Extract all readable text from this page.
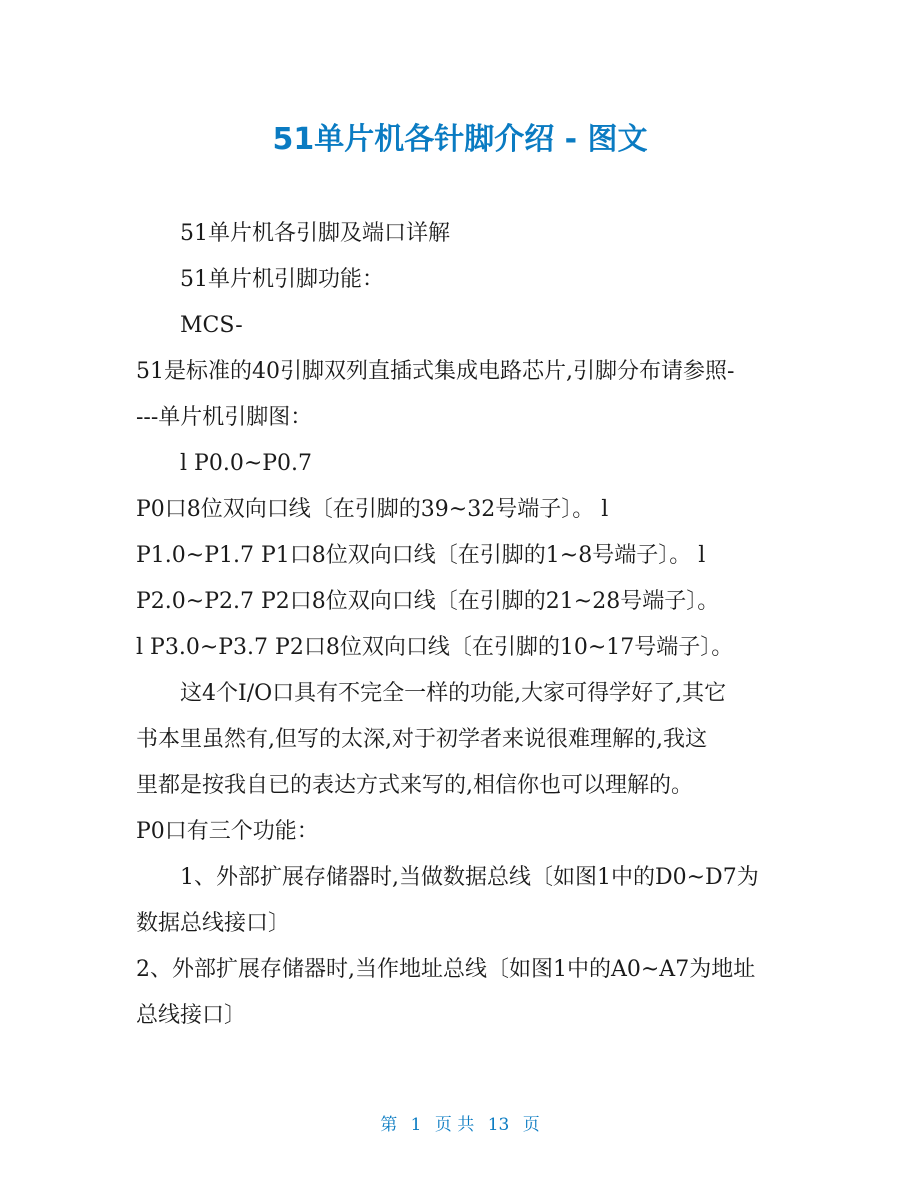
51单片机各针脚介绍 - 图文

51单片机各引脚及端口详解

51单片机引脚功能：

MCS-

51是标准的40引脚双列直插式集成电路芯片,引脚分布请参照-

---单片机引脚图：

l P0.0~P0.7

P0口8位双向口线〔在引脚的39~32号端子〕。 l

P1.0~P1.7 P1口8位双向口线〔在引脚的1~8号端子〕。 l

P2.0~P2.7 P2口8位双向口线〔在引脚的21~28号端子〕。

l P3.0~P3.7 P2口8位双向口线〔在引脚的10~17号端子〕。

这4个I/O口具有不完全一样的功能,大家可得学好了,其它

书本里虽然有,但写的太深,对于初学者来说很难理解的,我这

里都是按我自已的表达方式来写的,相信你也可以理解的。

P0口有三个功能：

1、外部扩展存储器时,当做数据总线〔如图1中的D0~D7为

数据总线接口〕

2、外部扩展存储器时,当作地址总线〔如图1中的A0~A7为地址

总线接口〕

第 1 页 共 13 页
